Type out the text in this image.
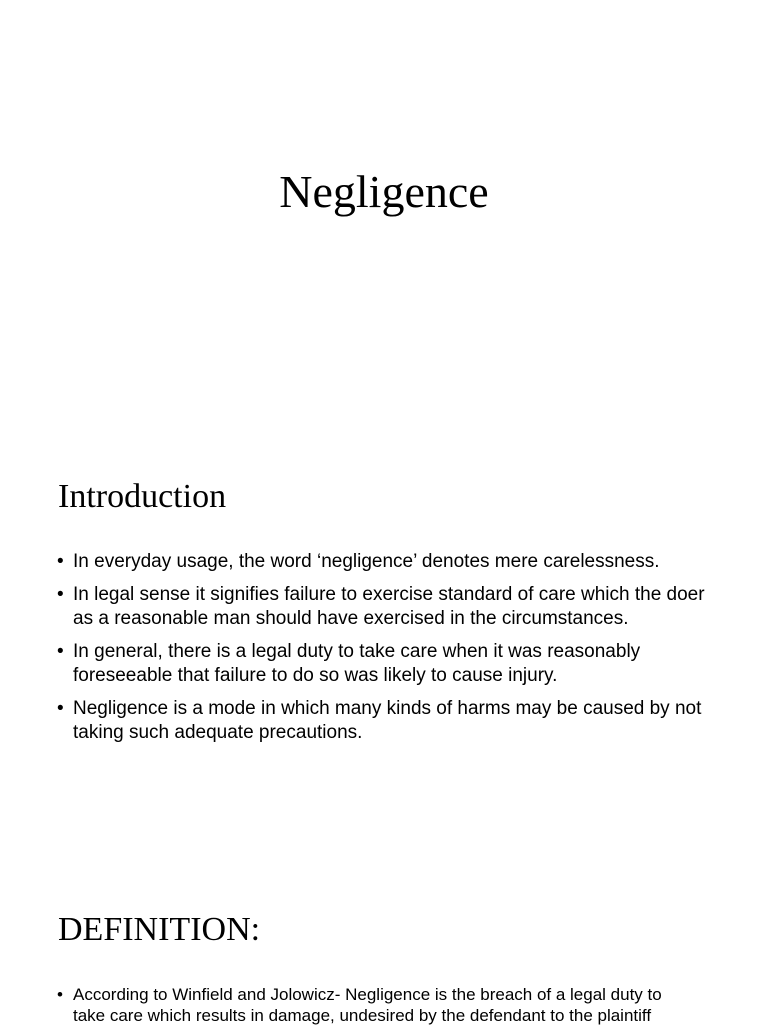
Negligence
Introduction
• In everyday usage, the word ‘negligence’ denotes mere carelessness.
• In legal sense it signifies failure to exercise standard of care which the doer as a reasonable man should have exercised in the circumstances.
• In general, there is a legal duty to take care when it was reasonably foreseeable that failure to do so was likely to cause injury.
• Negligence is a mode in which many kinds of harms may be caused by not taking such adequate precautions.
DEFINITION:
• According to Winfield and Jolowicz- Negligence is the breach of a legal duty to take care which results in damage, undesired by the defendant to the plaintiff
